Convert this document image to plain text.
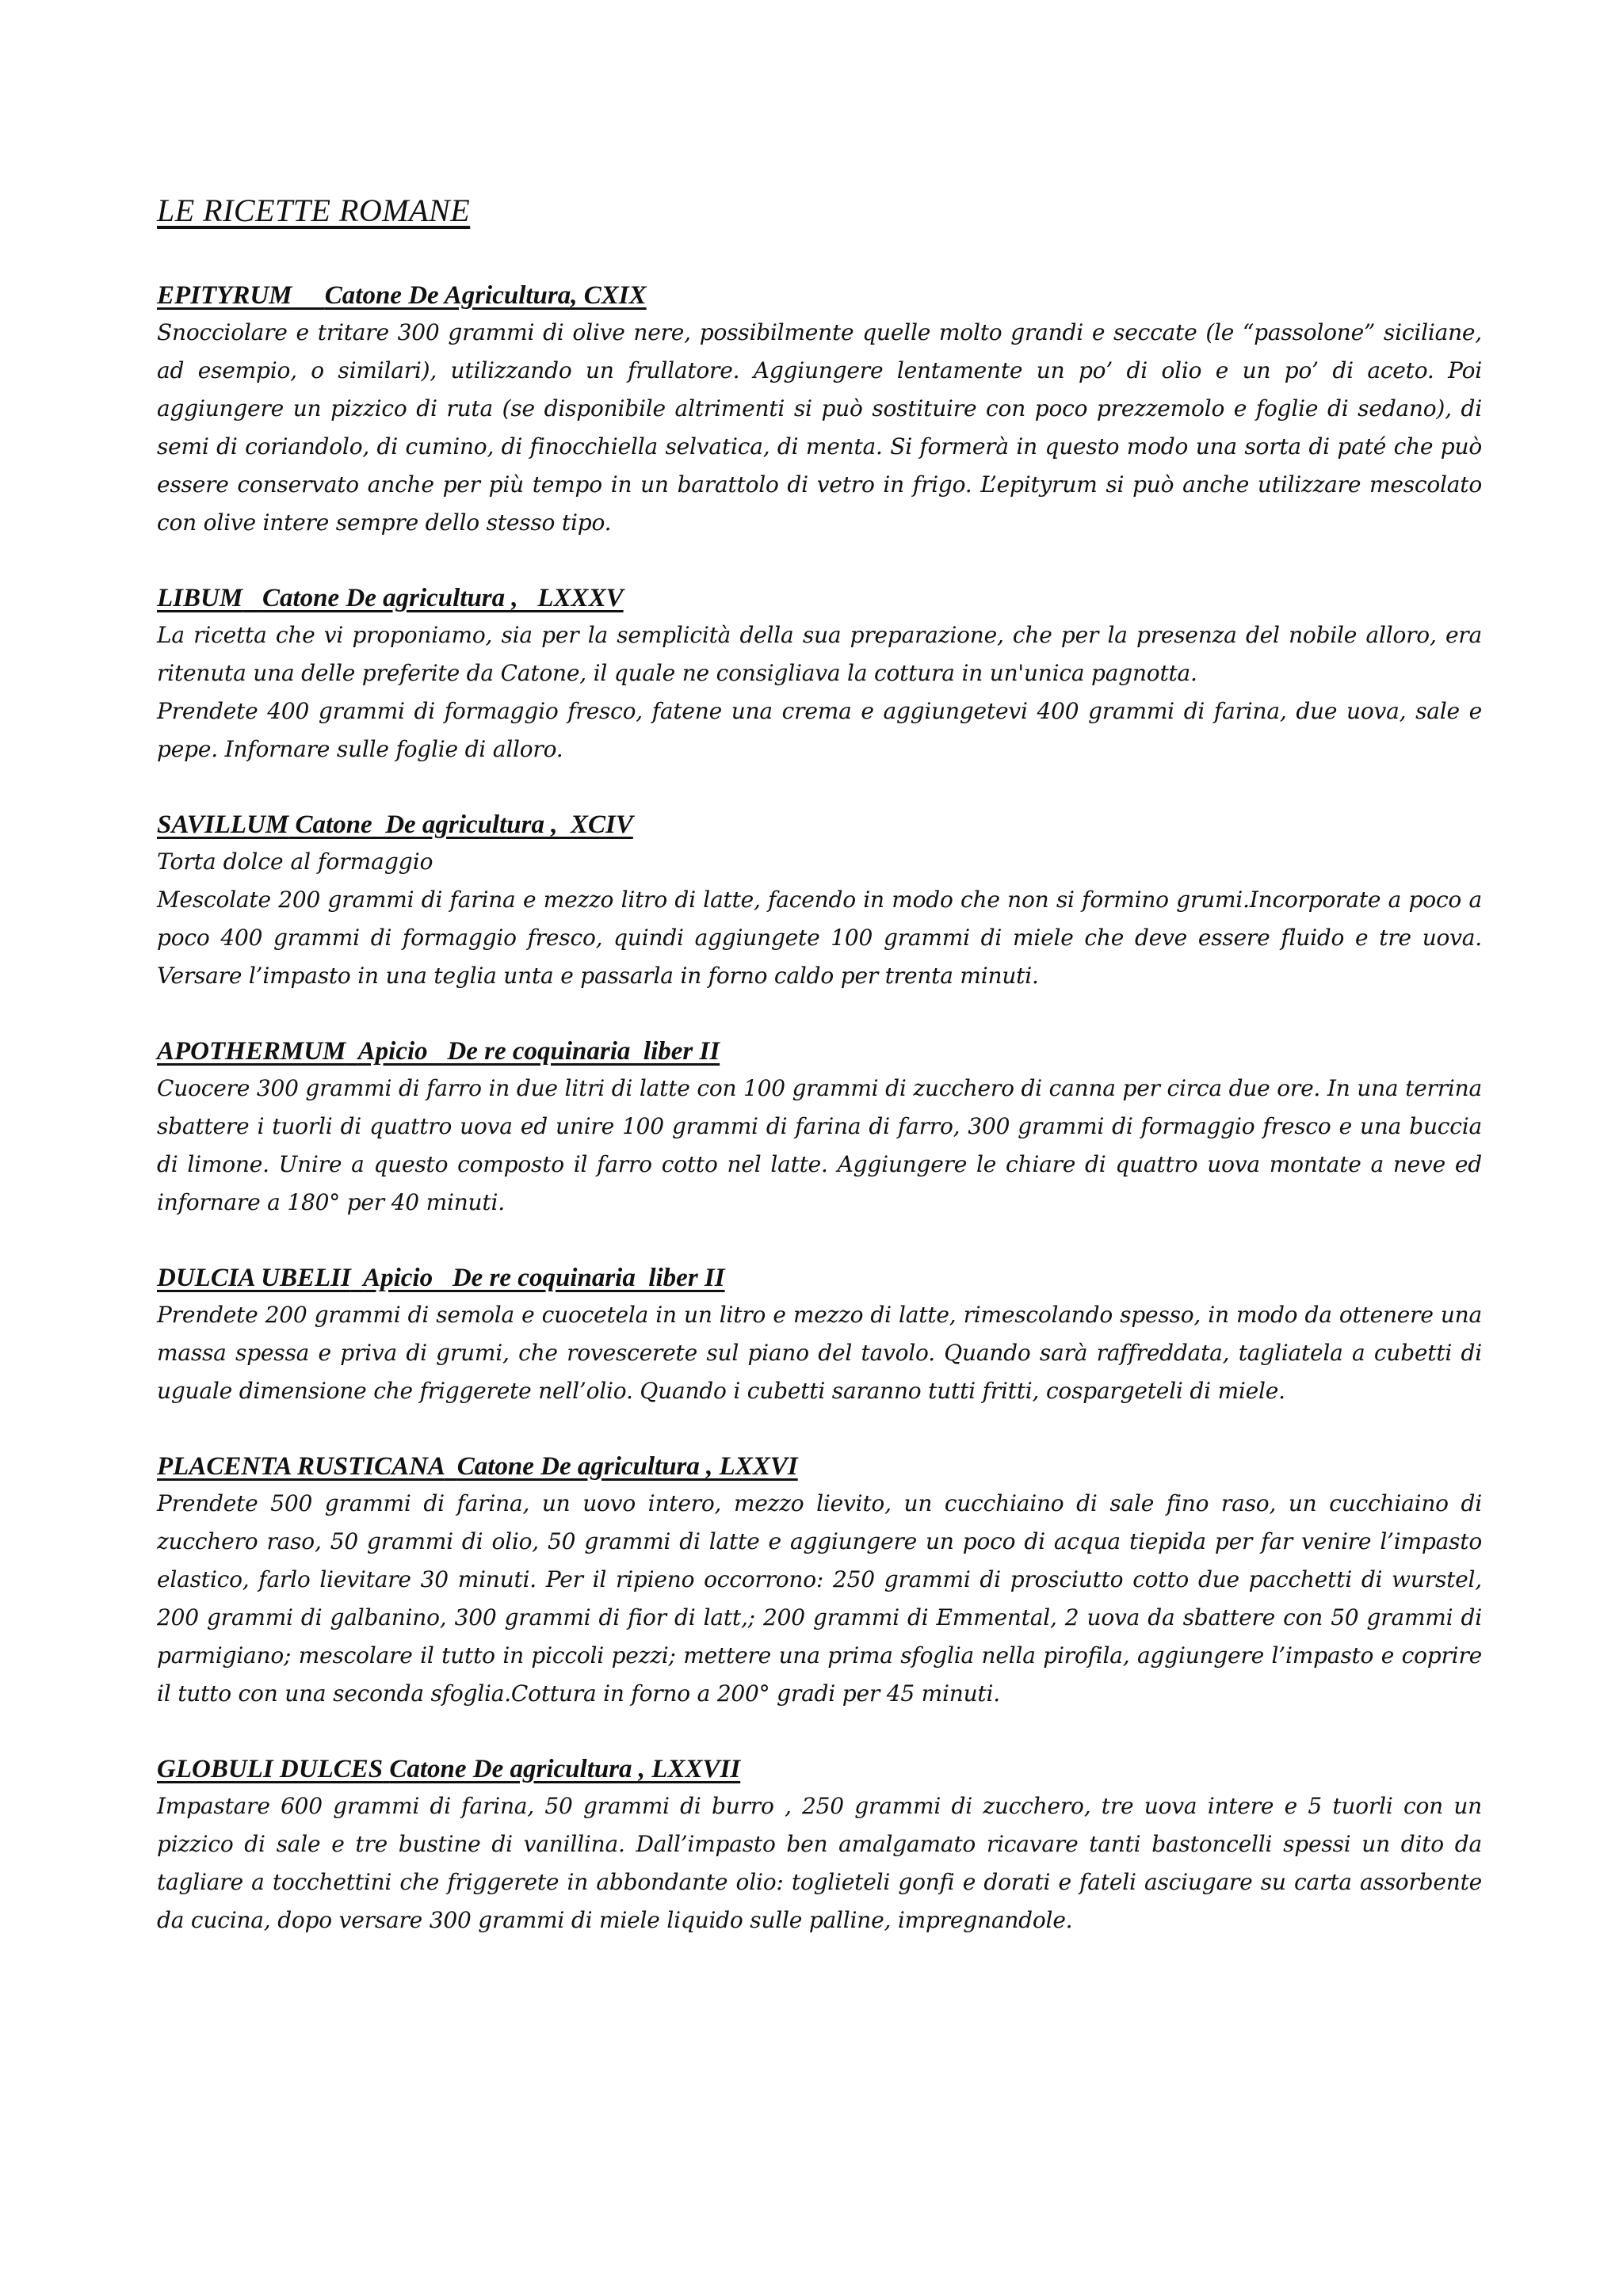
LE RICETTE ROMANE
EPITYRUM Catone De Agricultura, CXIX

Snocciolare e tritare 300 grammi di olive nere, possibilmente quelle molto grandi e seccate (le “passolone” siciliane, ad esempio, o similari), utilizzando un frullatore. Aggiungere lentamente un po’ di olio e un po’ di aceto. Poi aggiungere un pizzico di ruta (se disponibile altrimenti si può sostituire con poco prezzemolo e foglie di sedano), di semi di coriandolo, di cumino, di finocchiella selvatica, di menta. Si formerà in questo modo una sorta di paté che può essere conservato anche per più tempo in un barattolo di vetro in frigo. L’epityrum si può anche utilizzare mescolato con olive intere sempre dello stesso tipo.

LIBUM Catone De agricultura ,   LXXXV

La ricetta che vi proponiamo, sia per la semplicità della sua preparazione, che per la presenza del nobile alloro, era ritenuta una delle preferite da Catone, il quale ne consigliava la cottura in un'unica pagnotta.

Prendete 400 grammi di formaggio fresco, fatene una crema e aggiungetevi 400 grammi di farina, due uova, sale e pepe. Infornare sulle foglie di alloro.

SAVILLUM Catone  De agricultura ,  XCIV

Torta dolce al formaggio

Mescolate 200 grammi di farina e mezzo litro di latte, facendo in modo che non si formino grumi.Incorporate a poco a poco 400 grammi di formaggio fresco, quindi aggiungete 100 grammi di miele che deve essere fluido e tre uova. Versare l’impasto in una teglia unta e passarla in forno caldo per trenta minuti.

APOTHERMUM Apicio   De re coquinaria  liber II

Cuocere 300 grammi di farro in due litri di latte con 100 grammi di zucchero di canna per circa due ore. In una terrina sbattere i tuorli di quattro uova ed unire 100 grammi di farina di farro, 300 grammi di formaggio fresco e una buccia di limone. Unire a questo composto il farro cotto nel latte. Aggiungere le chiare di quattro uova montate a neve ed infornare a 180° per 40 minuti.

DULCIA UBELII Apicio   De re coquinaria  liber II

Prendete 200 grammi di semola e cuocetela in un litro e mezzo di latte, rimescolando spesso, in modo da ottenere una massa spessa e priva di grumi, che rovescerete sul piano del tavolo. Quando sarà raffreddata, tagliatela a cubetti di uguale dimensione che friggerete nell’olio. Quando i cubetti saranno tutti fritti, cospargeteli di miele.

PLACENTA RUSTICANA Catone De agricultura , LXXVI

Prendete 500 grammi di farina, un uovo intero, mezzo lievito, un cucchiaino di sale fino raso, un cucchiaino di zucchero raso, 50 grammi di olio, 50 grammi di latte e aggiungere un poco di acqua tiepida per far venire l’impasto elastico, farlo lievitare 30 minuti. Per il ripieno occorrono: 250 grammi di prosciutto cotto due pacchetti di wurstel, 200 grammi di galbanino, 300 grammi di fior di latt,; 200 grammi di Emmental, 2 uova da sbattere con 50 grammi di parmigiano; mescolare il tutto in piccoli pezzi; mettere una prima sfoglia nella pirofila, aggiungere l’impasto e coprire il tutto con una seconda sfoglia.Cottura in forno a 200° gradi per 45 minuti.

GLOBULI DULCES Catone De agricultura , LXXVII

Impastare 600 grammi di farina, 50 grammi di burro , 250 grammi di zucchero, tre uova intere e 5 tuorli con un pizzico di sale e tre bustine di vanillina. Dall’impasto ben amalgamato ricavare tanti bastoncelli spessi un dito da tagliare a tocchettini che friggerete in abbondante olio: toglieteli gonfi e dorati e fateli asciugare su carta assorbente da cucina, dopo versare 300 grammi di miele liquido sulle palline, impregnandole.
